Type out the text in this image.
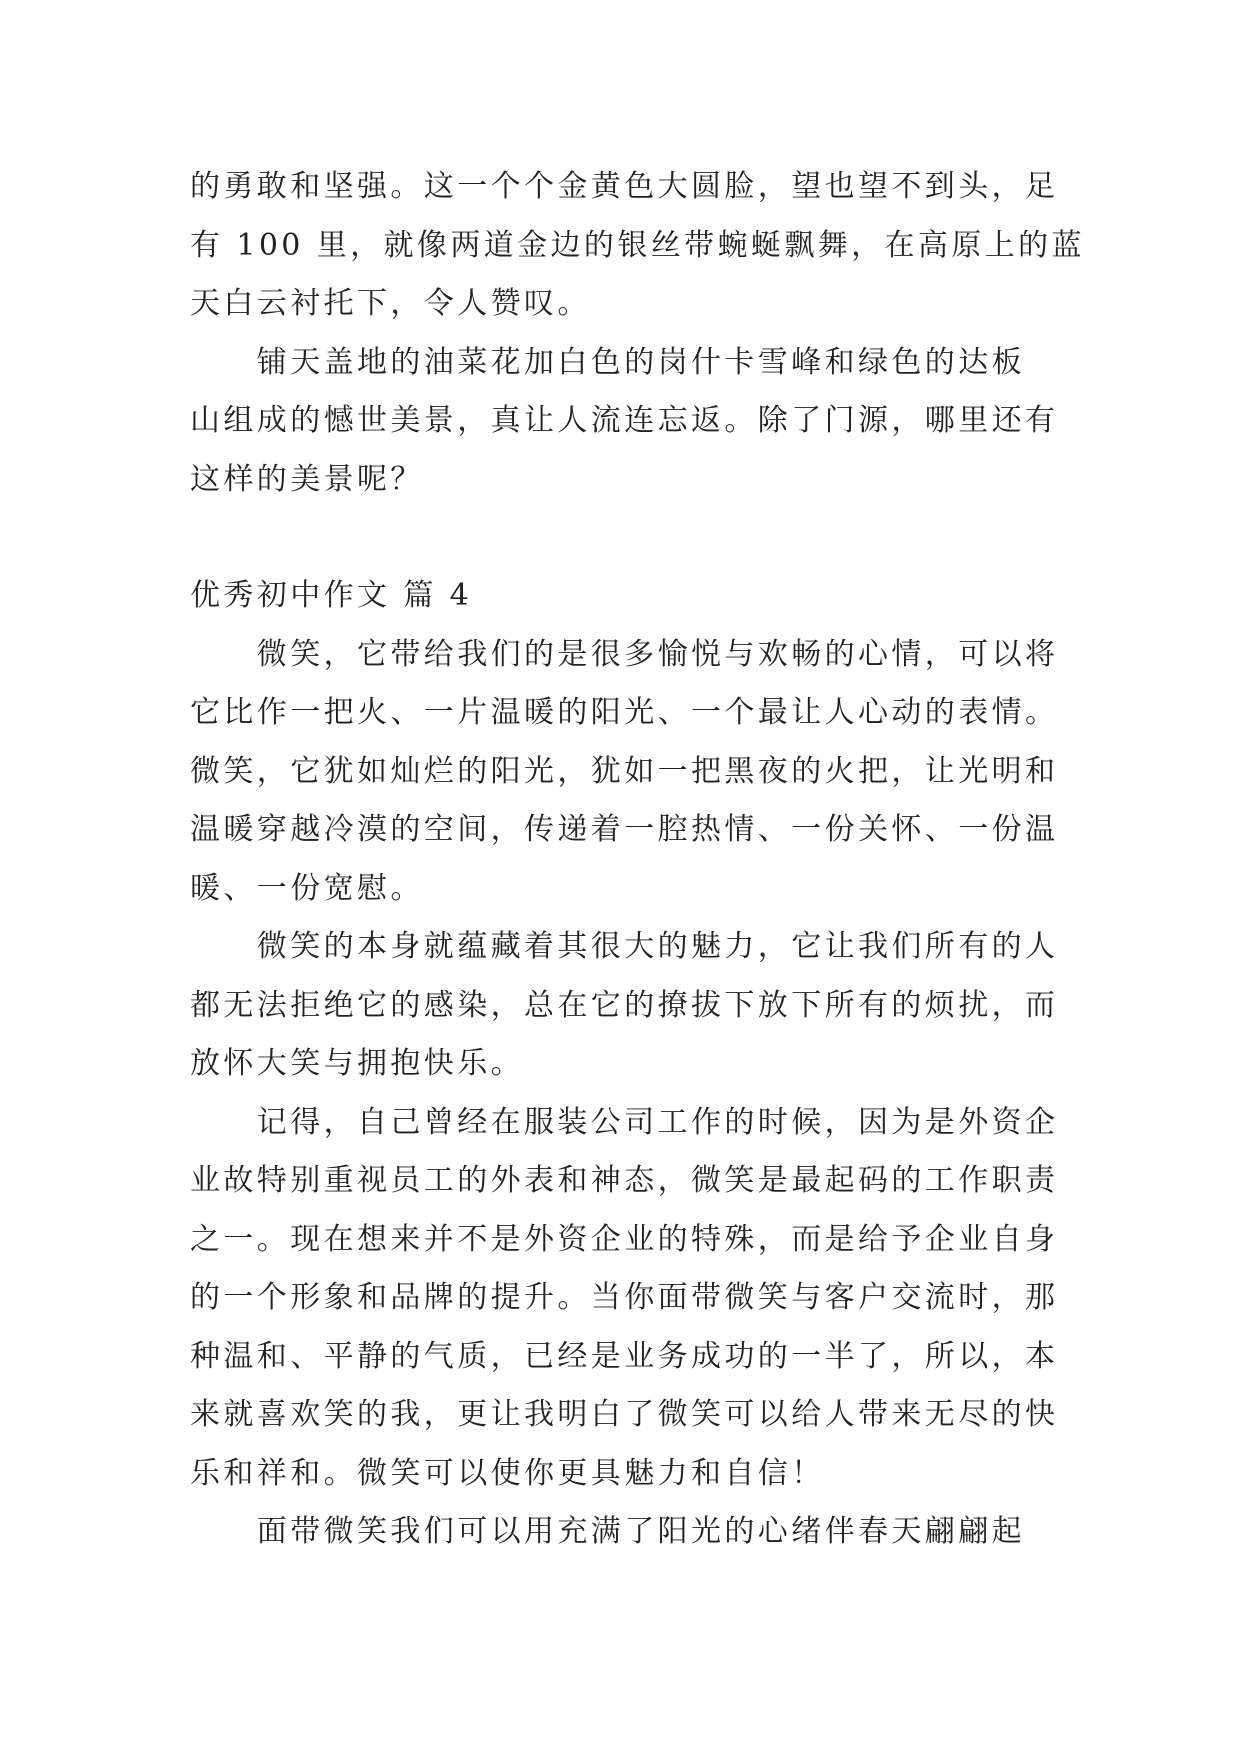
的勇敢和坚强。这一个个金黄色大圆脸，望也望不到头，足
有 100 里，就像两道金边的银丝带蜿蜒飘舞，在高原上的蓝
天白云衬托下，令人赞叹。
　　铺天盖地的油菜花加白色的岗什卡雪峰和绿色的达板
山组成的憾世美景，真让人流连忘返。除了门源，哪里还有
这样的美景呢？
优秀初中作文 篇 4
　　微笑，它带给我们的是很多愉悦与欢畅的心情，可以将
它比作一把火、一片温暖的阳光、一个最让人心动的表情。
微笑，它犹如灿烂的阳光，犹如一把黑夜的火把，让光明和
温暖穿越冷漠的空间，传递着一腔热情、一份关怀、一份温
暖、一份宽慰。
　　微笑的本身就蕴藏着其很大的魅力，它让我们所有的人
都无法拒绝它的感染，总在它的撩拔下放下所有的烦扰，而
放怀大笑与拥抱快乐。
　　记得，自己曾经在服装公司工作的时候，因为是外资企
业故特别重视员工的外表和神态，微笑是最起码的工作职责
之一。现在想来并不是外资企业的特殊，而是给予企业自身
的一个形象和品牌的提升。当你面带微笑与客户交流时，那
种温和、平静的气质，已经是业务成功的一半了，所以，本
来就喜欢笑的我，更让我明白了微笑可以给人带来无尽的快
乐和祥和。微笑可以使你更具魅力和自信！
　　面带微笑我们可以用充满了阳光的心绪伴春天翩翩起
